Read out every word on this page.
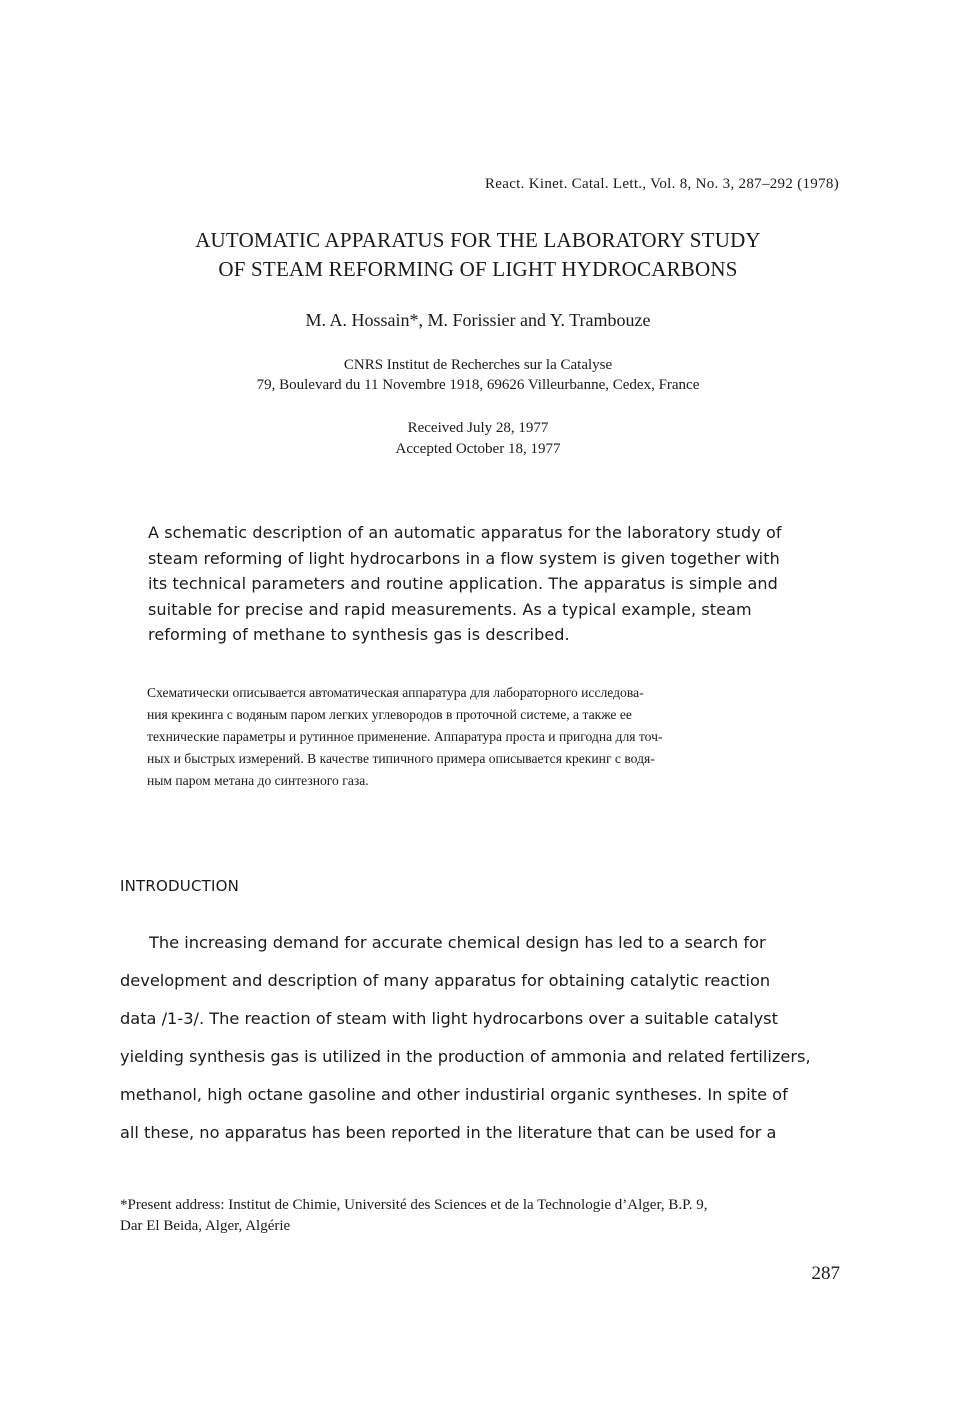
React. Kinet. Catal. Lett., Vol. 8, No. 3, 287–292 (1978)
AUTOMATIC APPARATUS FOR THE LABORATORY STUDY
OF STEAM REFORMING OF LIGHT HYDROCARBONS
M. A. Hossain*, M. Forissier and Y. Trambouze
CNRS Institut de Recherches sur la Catalyse
79, Boulevard du 11 Novembre 1918, 69626 Villeurbanne, Cedex, France
Received July 28, 1977
Accepted October 18, 1977
A schematic description of an automatic apparatus for the laboratory study of
steam reforming of light hydrocarbons in a flow system is given together with
its technical parameters and routine application. The apparatus is simple and
suitable for precise and rapid measurements. As a typical example, steam
reforming of methane to synthesis gas is described.
Схематически описывается автоматическая аппаратура для лабораторного исследова-
ния крекинга с водяным паром легких углевородов в проточной системе, а также ее
технические параметры и рутинное применение. Аппаратура проста и пригодна для точ-
ных и быстрых измерений. В качестве типичного примера описывается крекинг с водя-
ным паром метана до синтезного газа.
INTRODUCTION
The increasing demand for accurate chemical design has led to a search for
development and description of many apparatus for obtaining catalytic reaction
data /1-3/. The reaction of steam with light hydrocarbons over a suitable catalyst
yielding synthesis gas is utilized in the production of ammonia and related fertilizers,
methanol, high octane gasoline and other industirial organic syntheses. In spite of
all these, no apparatus has been reported in the literature that can be used for a
*Present address: Institut de Chimie, Université des Sciences et de la Technologie d’Alger, B.P. 9,
Dar El Beida, Alger, Algérie
287
